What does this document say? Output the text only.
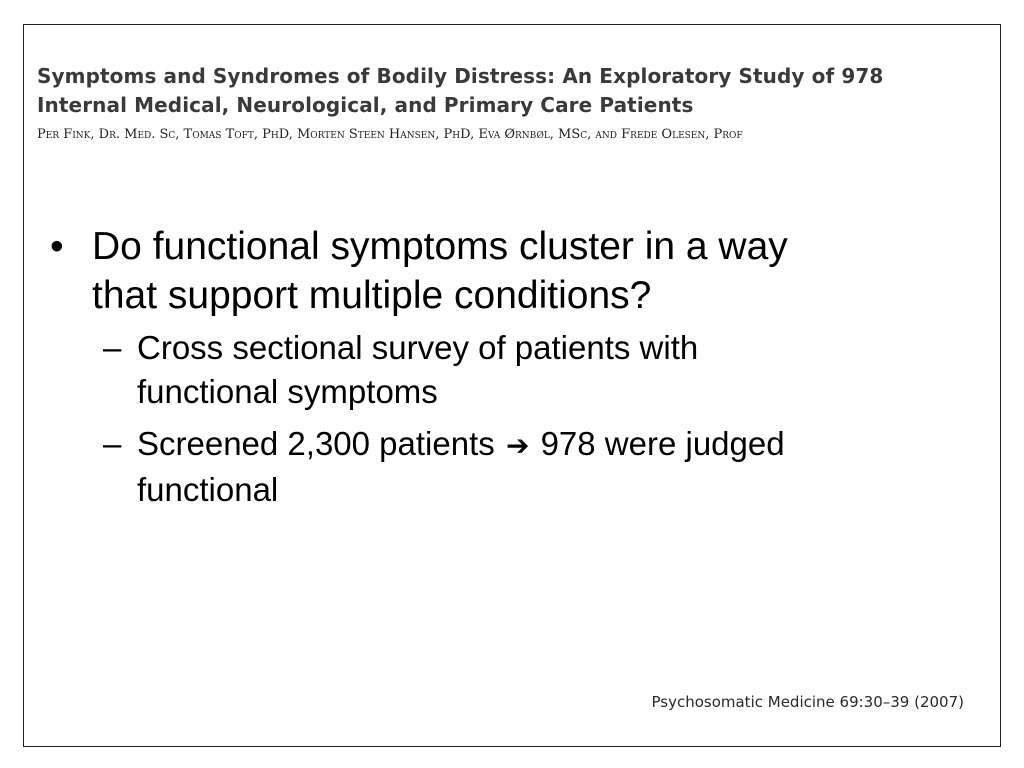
Symptoms and Syndromes of Bodily Distress: An Exploratory Study of 978
Internal Medical, Neurological, and Primary Care Patients

Per Fink, Dr. Med. Sc, Tomas Toft, PhD, Morten Steen Hansen, PhD, Eva Ørnbøl, MSc, and Frede Olesen, Prof

• Do functional symptoms cluster in a way
that support multiple conditions?
– Cross sectional survey of patients with
functional symptoms
– Screened 2,300 patients ➔ 978 were judged
functional
Psychosomatic Medicine 69:30–39 (2007)
